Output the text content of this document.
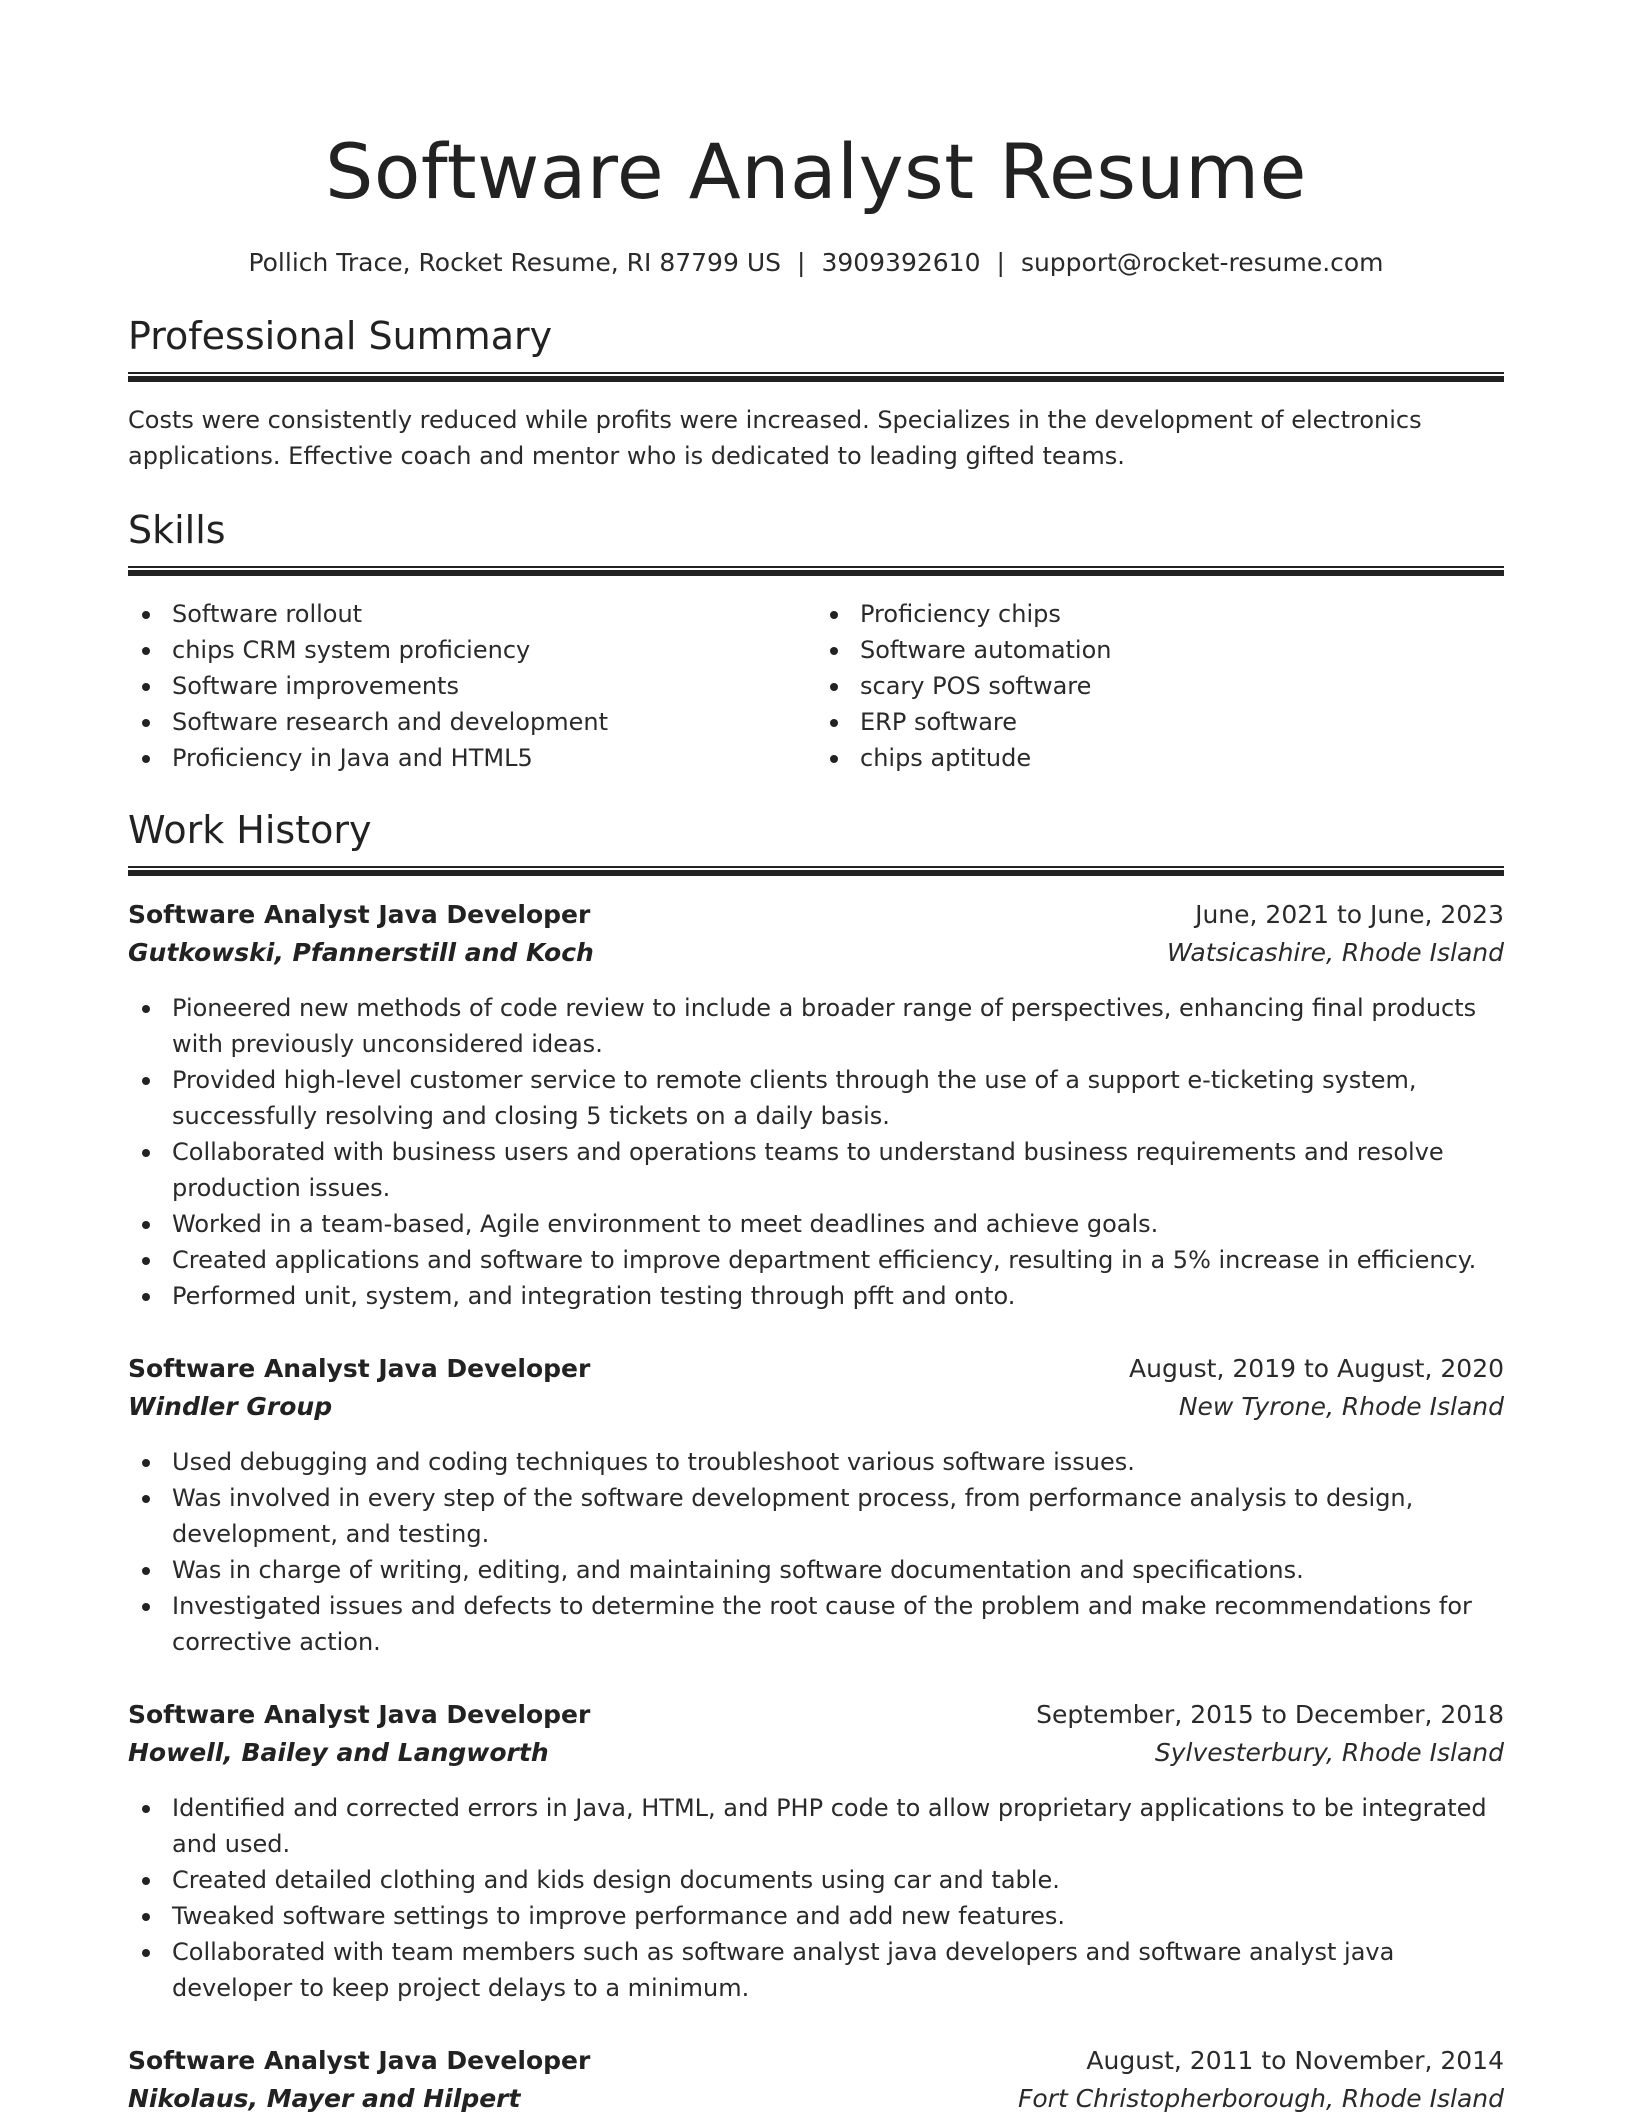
Software Analyst Resume
Pollich Trace, Rocket Resume, RI 87799 US | 3909392610 | support@rocket-resume.com
Professional Summary

Costs were consistently reduced while profits were increased. Specializes in the development of electronics applications. Effective coach and mentor who is dedicated to leading gifted teams.

Skills
Software rollout
chips CRM system proficiency
Software improvements
Software research and development
Proficiency in Java and HTML5
Proficiency chips
Software automation
scary POS software
ERP software
chips aptitude
Work History
Software Analyst Java Developer	June, 2021 to June, 2023
Gutkowski, Pfannerstill and Koch	Watsicashire, Rhode Island
Pioneered new methods of code review to include a broader range of perspectives, enhancing final products with previously unconsidered ideas.
Provided high-level customer service to remote clients through the use of a support e-ticketing system, successfully resolving and closing 5 tickets on a daily basis.
Collaborated with business users and operations teams to understand business requirements and resolve production issues.
Worked in a team-based, Agile environment to meet deadlines and achieve goals.
Created applications and software to improve department efficiency, resulting in a 5% increase in efficiency.
Performed unit, system, and integration testing through pfft and onto.
Software Analyst Java Developer	August, 2019 to August, 2020
Windler Group	New Tyrone, Rhode Island
Used debugging and coding techniques to troubleshoot various software issues.
Was involved in every step of the software development process, from performance analysis to design, development, and testing.
Was in charge of writing, editing, and maintaining software documentation and specifications.
Investigated issues and defects to determine the root cause of the problem and make recommendations for corrective action.
Software Analyst Java Developer	September, 2015 to December, 2018
Howell, Bailey and Langworth	Sylvesterbury, Rhode Island
Identified and corrected errors in Java, HTML, and PHP code to allow proprietary applications to be integrated and used.
Created detailed clothing and kids design documents using car and table.
Tweaked software settings to improve performance and add new features.
Collaborated with team members such as software analyst java developers and software analyst java developer to keep project delays to a minimum.
Software Analyst Java Developer	August, 2011 to November, 2014
Nikolaus, Mayer and Hilpert	Fort Christopherborough, Rhode Island
